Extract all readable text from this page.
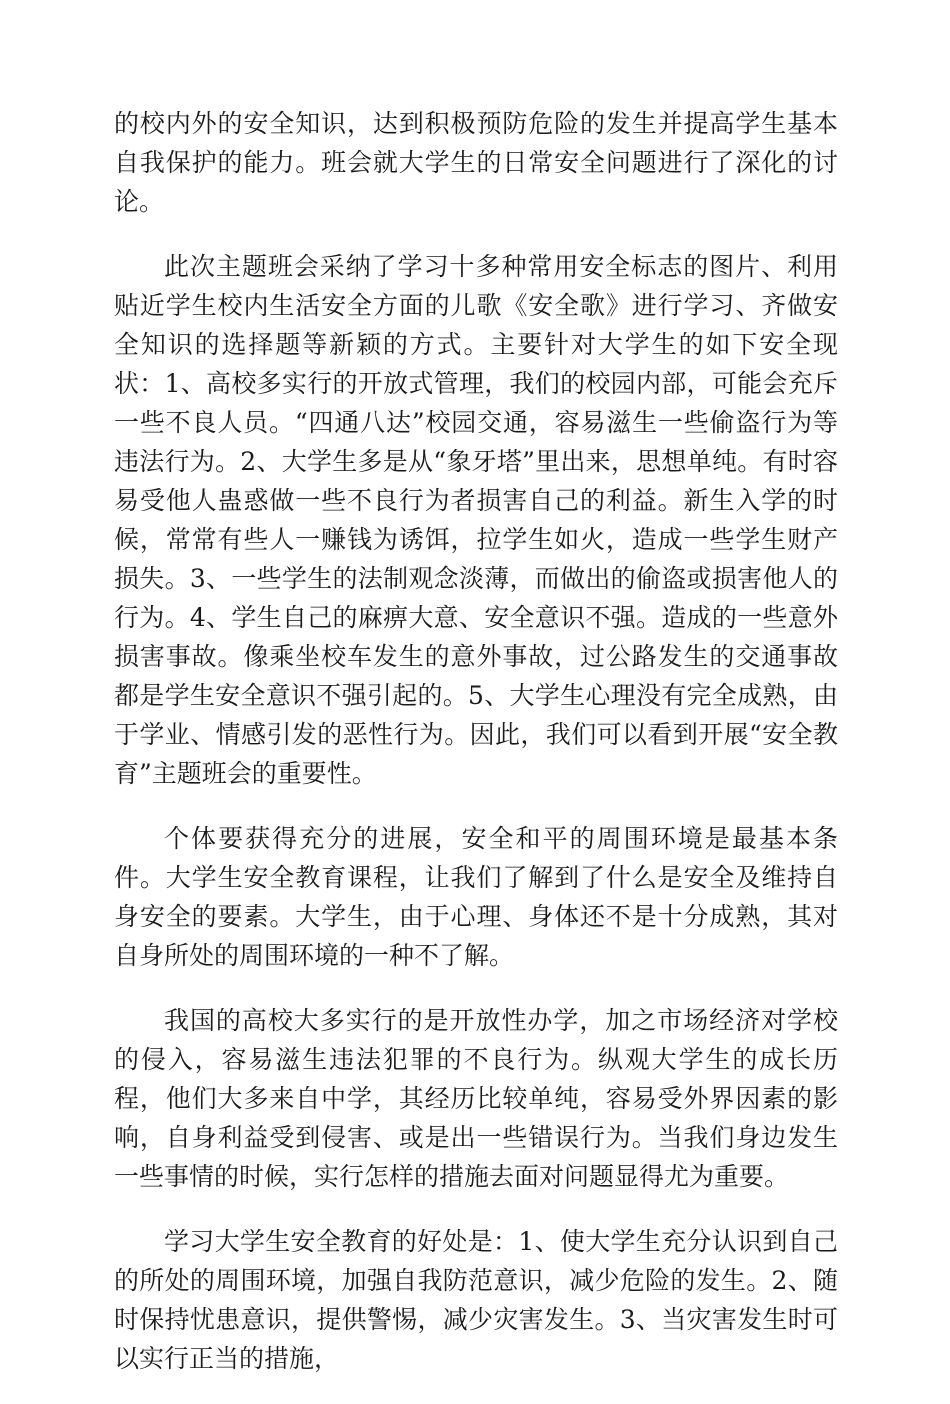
的校内外的安全知识，达到积极预防危险的发生并提高学生基本自我保护的能力。班会就大学生的日常安全问题进行了深化的讨论。

此次主题班会采纳了学习十多种常用安全标志的图片、利用贴近学生校内生活安全方面的儿歌《安全歌》进行学习、齐做安全知识的选择题等新颖的方式。主要针对大学生的如下安全现状：1、高校多实行的开放式管理，我们的校园内部，可能会充斥一些不良人员。“四通八达”校园交通，容易滋生一些偷盗行为等违法行为。2、大学生多是从“象牙塔”里出来，思想单纯。有时容易受他人蛊惑做一些不良行为者损害自己的利益。新生入学的时候，常常有些人一赚钱为诱饵，拉学生如火，造成一些学生财产损失。3、一些学生的法制观念淡薄，而做出的偷盗或损害他人的行为。4、学生自己的麻痹大意、安全意识不强。造成的一些意外损害事故。像乘坐校车发生的意外事故，过公路发生的交通事故都是学生安全意识不强引起的。5、大学生心理没有完全成熟，由于学业、情感引发的恶性行为。因此，我们可以看到开展“安全教育”主题班会的重要性。

个体要获得充分的进展，安全和平的周围环境是最基本条件。大学生安全教育课程，让我们了解到了什么是安全及维持自身安全的要素。大学生，由于心理、身体还不是十分成熟，其对自身所处的周围环境的一种不了解。

我国的高校大多实行的是开放性办学，加之市场经济对学校的侵入，容易滋生违法犯罪的不良行为。纵观大学生的成长历程，他们大多来自中学，其经历比较单纯，容易受外界因素的影响，自身利益受到侵害、或是出一些错误行为。当我们身边发生一些事情的时候，实行怎样的措施去面对问题显得尤为重要。

学习大学生安全教育的好处是：1、使大学生充分认识到自己的所处的周围环境，加强自我防范意识，减少危险的发生。2、随时保持忧患意识，提供警惕，减少灾害发生。3、当灾害发生时可以实行正当的措施，
